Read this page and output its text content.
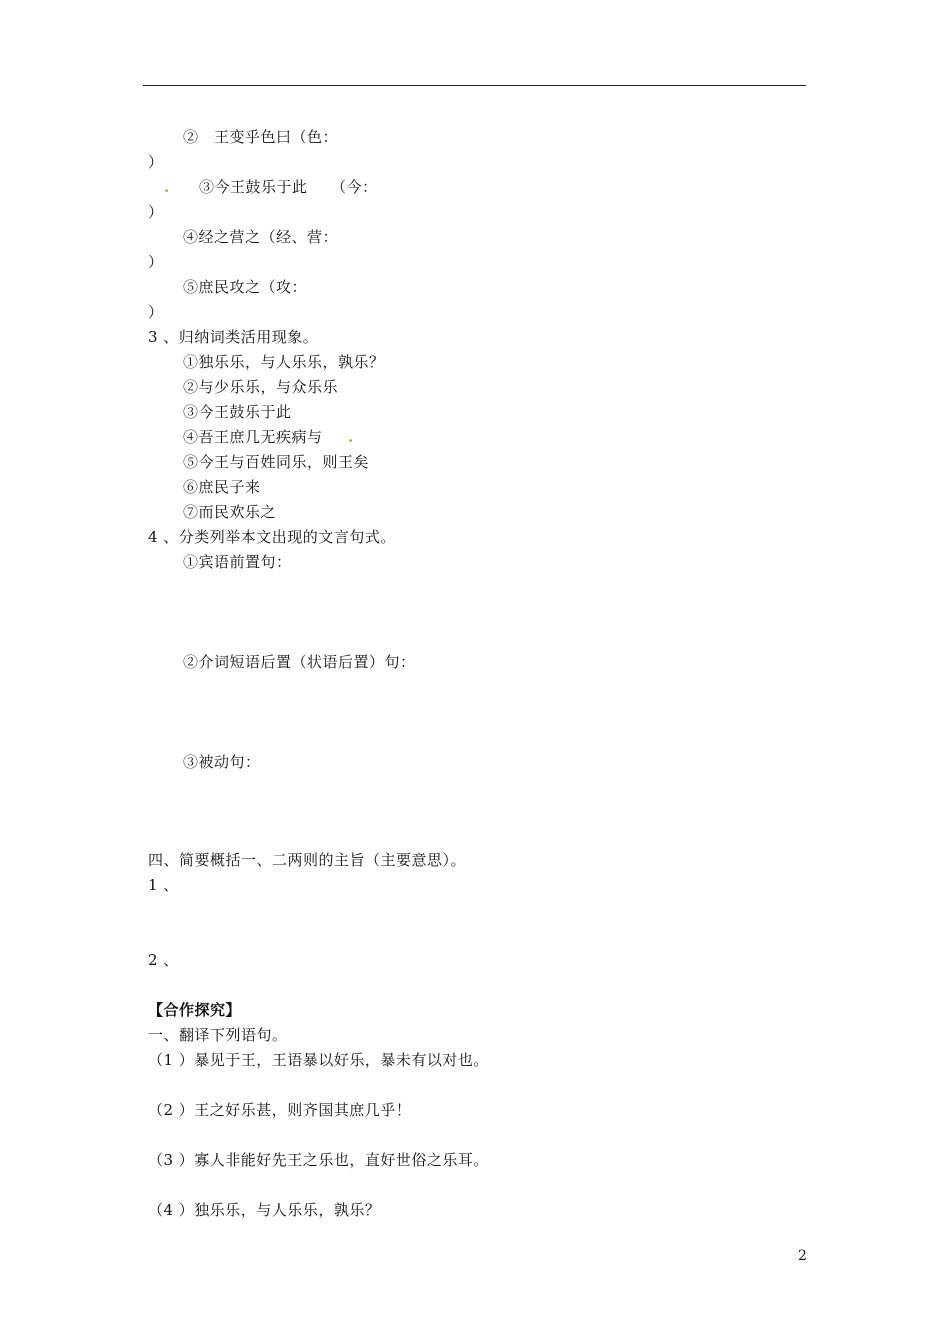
②　王变乎色曰（色：
）
. ③今王鼓乐于此　　（今：
）
④经之营之（经、营：
）
⑤庶民攻之（攻：
）
3 、归纳词类活用现象。
①独乐乐，与人乐乐，孰乐？
②与少乐乐，与众乐乐
③今王鼓乐于此
④吾王庶几无疾病与 .
⑤今王与百姓同乐，则王矣
⑥庶民子来
⑦而民欢乐之
4 、分类列举本文出现的文言句式。
①宾语前置句：
②介词短语后置（状语后置）句：
③被动句：
四、简要概括一、二两则的主旨（主要意思）。
1 、
2 、
【合作探究】
一、翻译下列语句。
（1 ）暴见于王，王语暴以好乐，暴未有以对也。
（2 ）王之好乐甚，则齐国其庶几乎！
（3 ）寡人非能好先王之乐也，直好世俗之乐耳。
（4 ）独乐乐，与人乐乐，孰乐？
2
